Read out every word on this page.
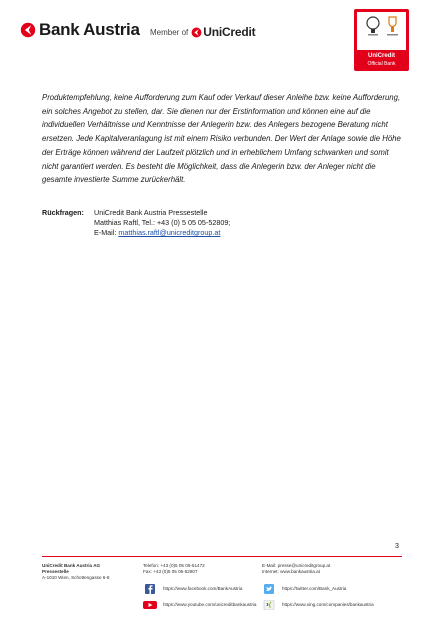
Bank Austria Member of UniCredit
UniCredit
Official Bank

Produktempfehlung, keine Aufforderung zum Kauf oder Verkauf dieser Anleihe bzw. keine Aufforderung, ein solches Angebot zu stellen, dar. Sie dienen nur der Erstinformation und können eine auf die individuellen Verhältnisse und Kenntnisse der Anlegerin bzw. des Anlegers bezogene Beratung nicht ersetzen. Jede Kapitalveranlagung ist mit einem Risiko verbunden. Der Wert der Anlage sowie die Höhe der Erträge können während der Laufzeit plötzlich und in erheblichem Umfang schwanken und somit nicht garantiert werden. Es besteht die Möglichkeit, dass die Anlegerin bzw. der Anleger nicht die gesamte investierte Summe zurückerhält.

Rückfragen:	UniCredit Bank Austria Pressestelle
Matthias Raftl, Tel.: +43 (0) 5 05 05-52809;
E-Mail: matthias.raftl@unicreditgroup.at
3
UniCredit Bank Austria AG
Pressestelle
A-1010 Wien, Schottengasse 6-8
Telefon: +43 (0)5 05 05-51472
Fax: +43 (0)5 05 05-52807
E-Mail: presse@unicreditgroup.at
Internet: www.bankaustria.at
https://www.facebook.com/BankAustria
https://www.youtube.com/unicreditbankaustria
https://twitter.com/Bank_Austria
https://www.xing.com/companies/bankaustria
